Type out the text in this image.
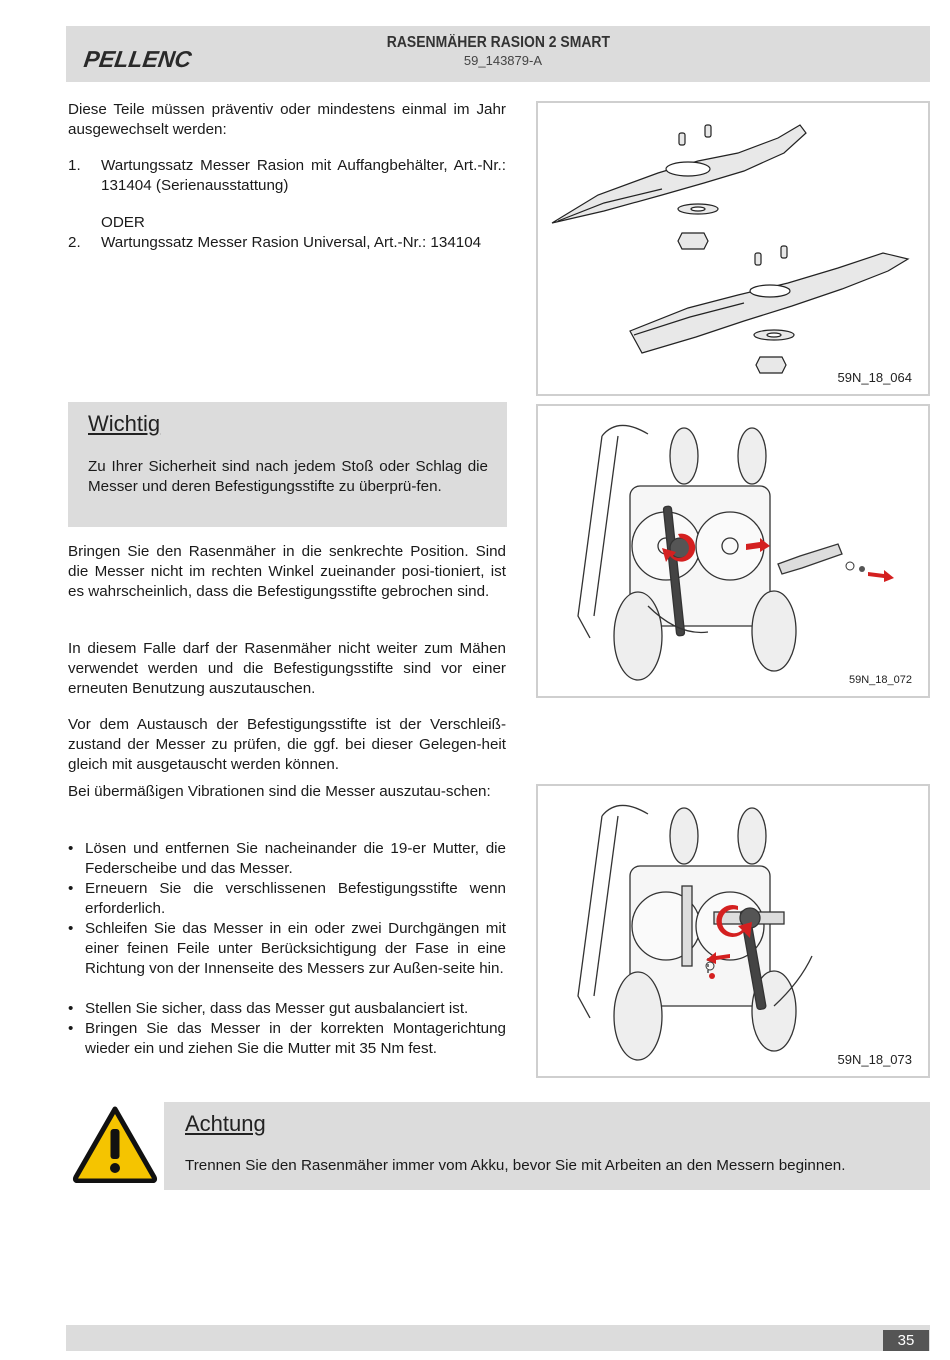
PELLENC
RASENMÄHER RASION 2 SMART
59_143879-A
Diese Teile müssen präventiv oder mindestens einmal im Jahr ausgewechselt werden:
1. Wartungssatz Messer Rasion mit Auffangbehälter, Art.-Nr.: 131404 (Serienausstattung)
ODER
2. Wartungssatz Messer Rasion Universal, Art.-Nr.: 134104
Wichtig
Zu Ihrer Sicherheit sind nach jedem Stoß oder Schlag die Messer und deren Befestigungsstifte zu überprü-fen.
Bringen Sie den Rasenmäher in die senkrechte Position. Sind die Messer nicht im rechten Winkel zueinander posi-tioniert, ist es wahrscheinlich, dass die Befestigungsstifte gebrochen sind.
In diesem Falle darf der Rasenmäher nicht weiter zum Mähen verwendet werden und die Befestigungsstifte sind vor einer erneuten Benutzung auszutauschen.
Vor dem Austausch der Befestigungsstifte ist der Verschleiß-zustand der Messer zu prüfen, die ggf. bei dieser Gelegen-heit gleich mit ausgetauscht werden können.
Bei übermäßigen Vibrationen sind die Messer auszutau-schen:
• Lösen und entfernen Sie nacheinander die 19-er Mutter, die Federscheibe und das Messer.
• Erneuern Sie die verschlissenen Befestigungsstifte wenn erforderlich.
• Schleifen Sie das Messer in ein oder zwei Durchgängen mit einer feinen Feile unter Berücksichtigung der Fase in eine Richtung von der Innenseite des Messers zur Außen-seite hin.
• Stellen Sie sicher, dass das Messer gut ausbalanciert ist.
• Bringen Sie das Messer in der korrekten Montagerichtung wieder ein und ziehen Sie die Mutter mit 35 Nm fest.
59N_18_064
59N_18_072
59N_18_073
Achtung
Trennen Sie den Rasenmäher immer vom Akku, bevor Sie mit Arbeiten an den Messern beginnen.
35
